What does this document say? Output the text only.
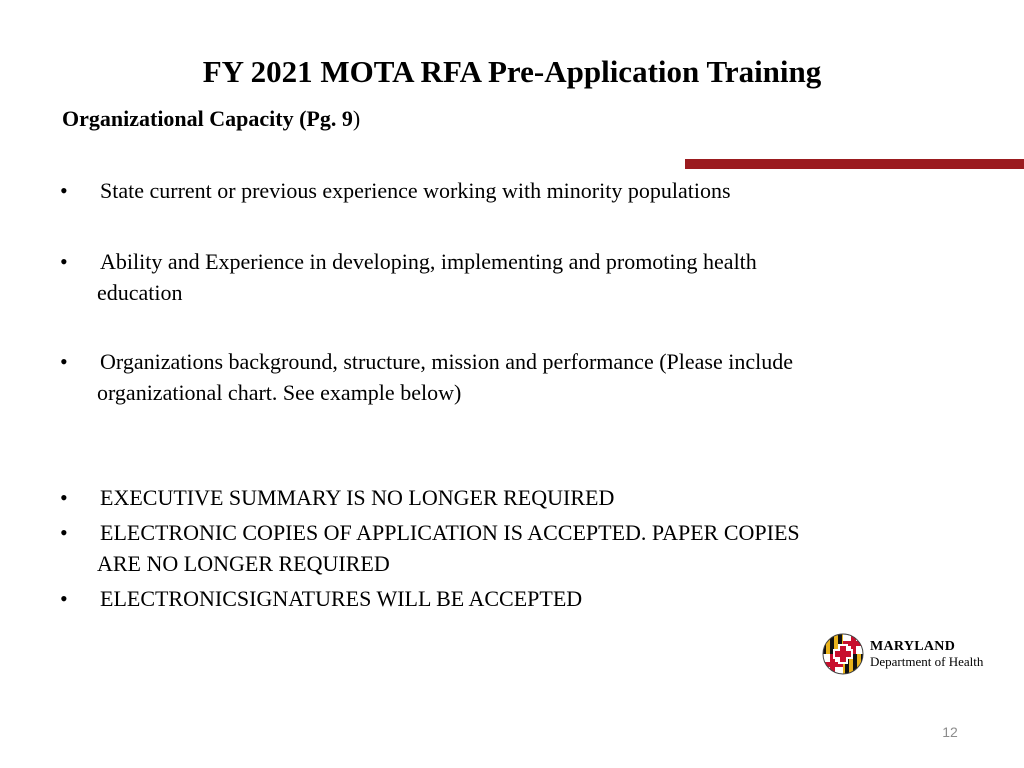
FY 2021 MOTA RFA Pre-Application Training

Organizational Capacity (Pg. 9)

•	State current or previous experience working with minority populations
•	Ability and Experience in developing, implementing and promoting health
education
•	Organizations background, structure, mission and performance (Please include
organizational chart. See example below)
•	EXECUTIVE SUMMARY IS NO LONGER REQUIRED
•	ELECTRONIC COPIES OF APPLICATION IS ACCEPTED. PAPER COPIES
ARE NO LONGER REQUIRED
•	ELECTRONICSIGNATURES WILL BE ACCEPTED
MARYLAND
Department of Health
12
